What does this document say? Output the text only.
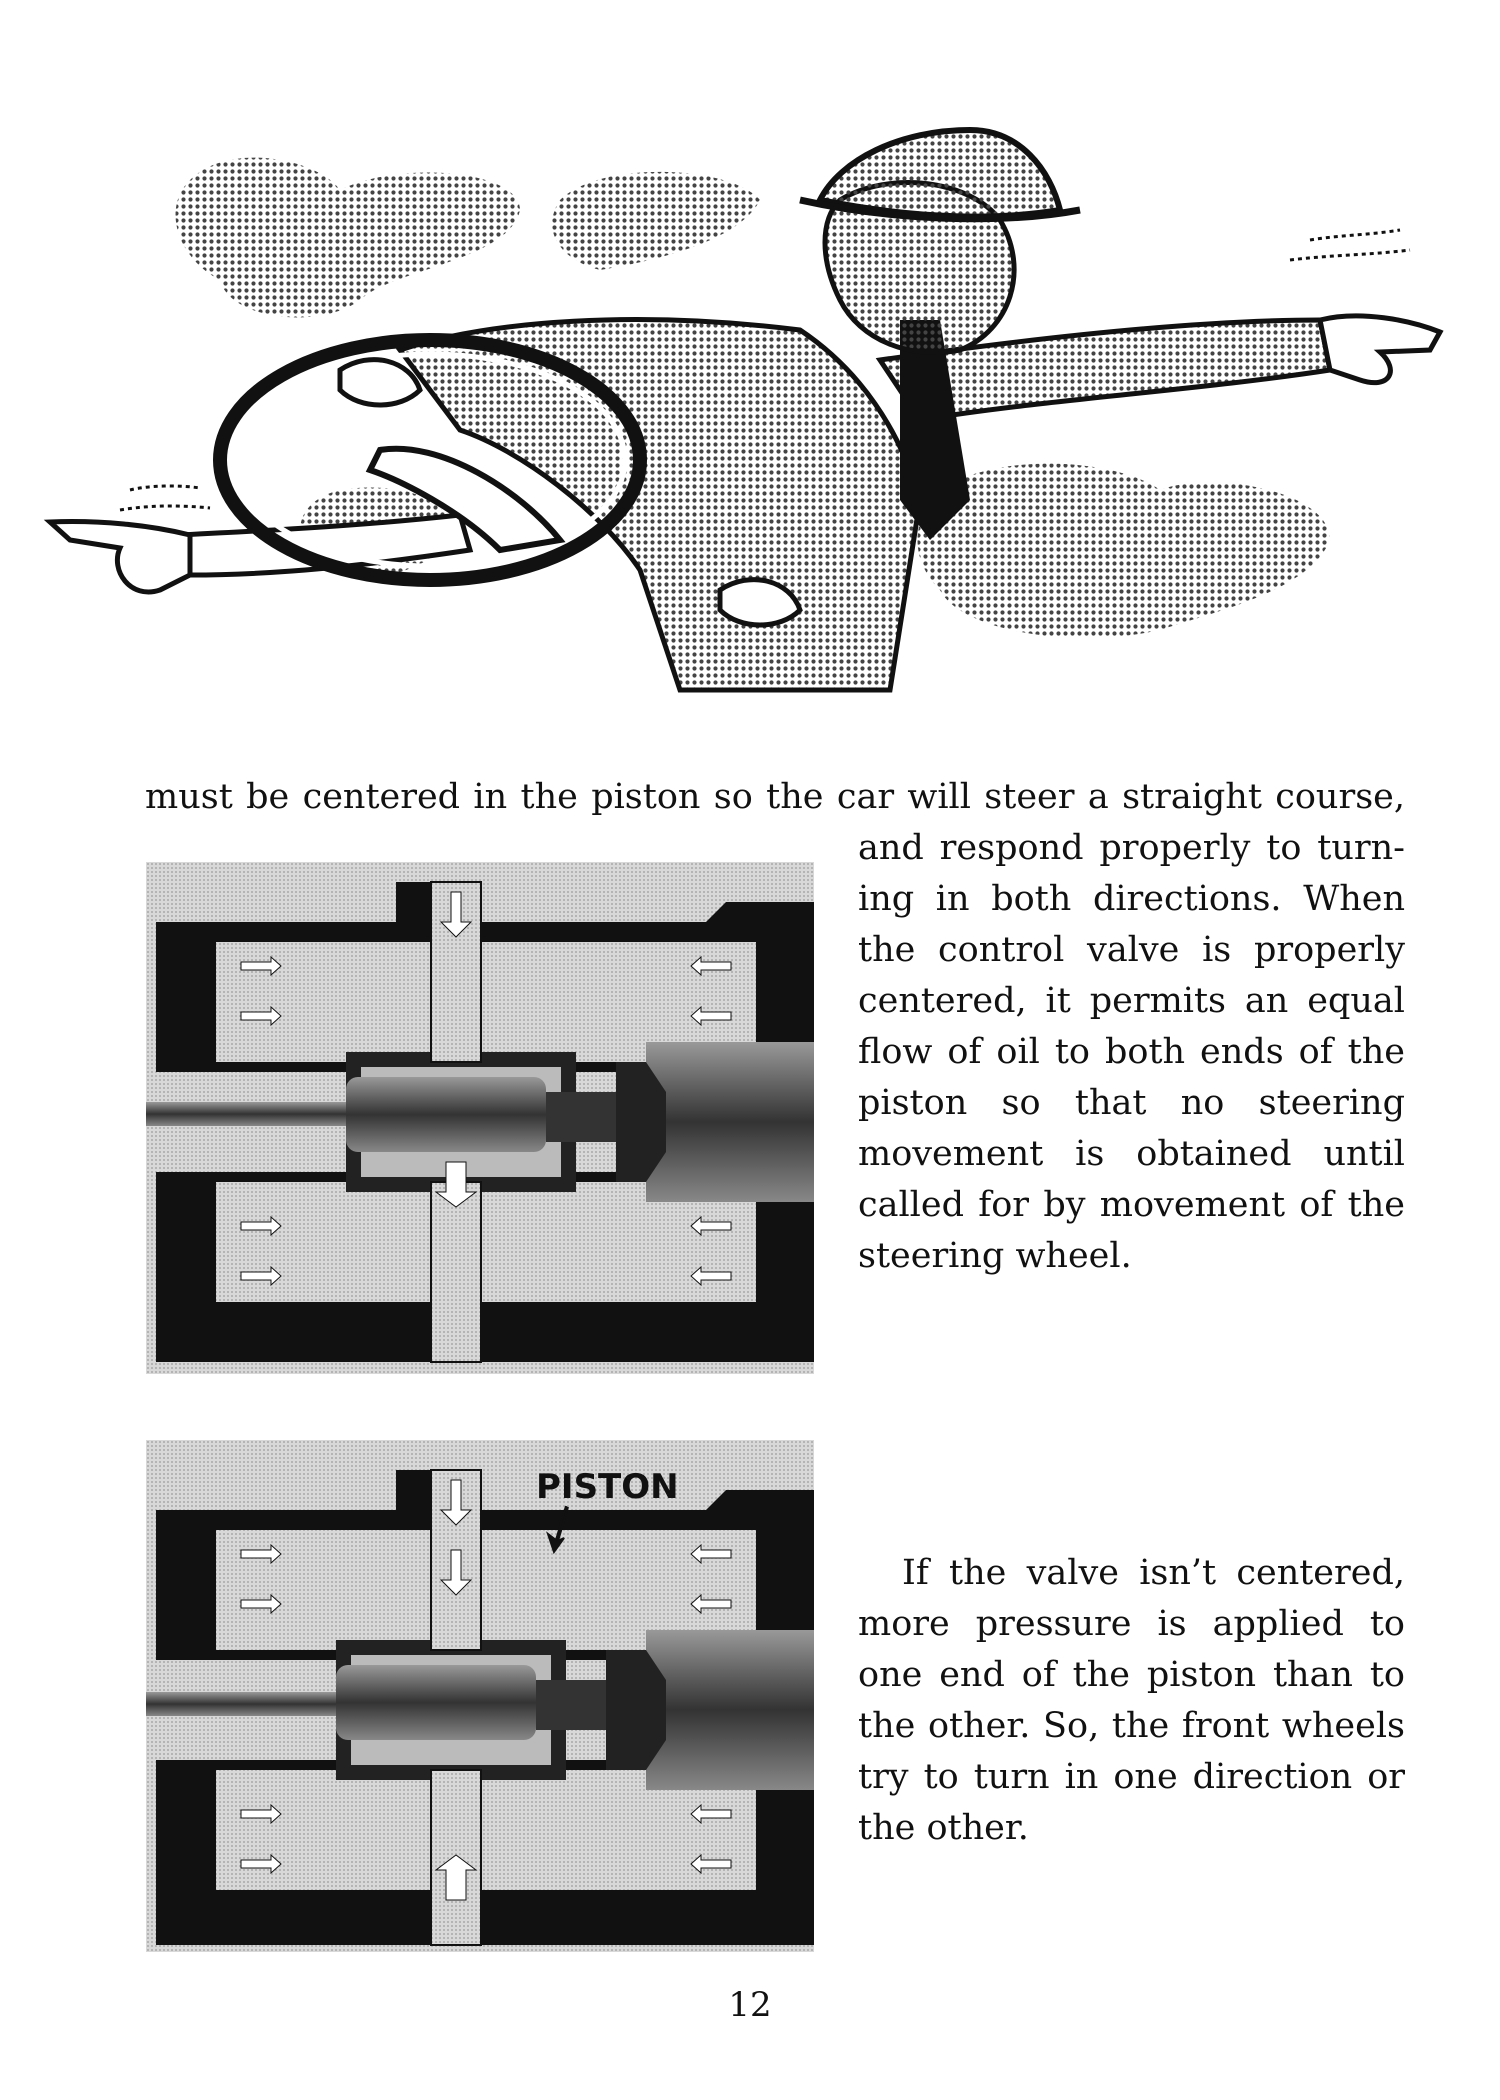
must be centered in the piston so the car will steer a straight course,
and respond properly to turning in both directions. When the control valve is properly centered, it permits an equal flow of oil to both ends of the piston so that no steering movement is obtained until called for by movement of the steering wheel.
PISTON
If the valve isn’t centered, more pressure is applied to one end of the piston than to the other. So, the front wheels try to turn in one direction or the other.
12
